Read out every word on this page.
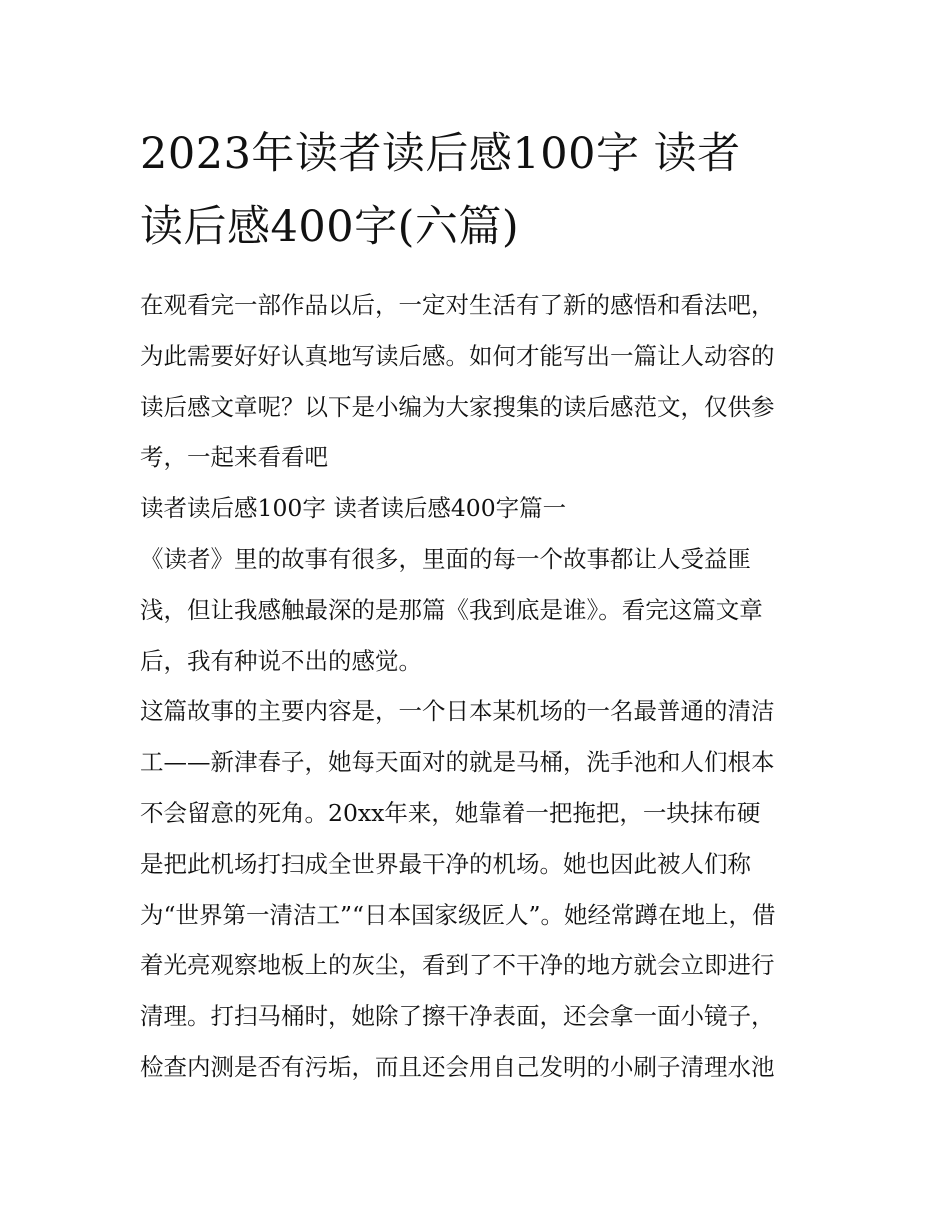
2023年读者读后感100字 读者
读后感400字(六篇)
在观看完一部作品以后，一定对生活有了新的感悟和看法吧，
为此需要好好认真地写读后感。如何才能写出一篇让人动容的
读后感文章呢？以下是小编为大家搜集的读后感范文，仅供参
考，一起来看看吧
读者读后感100字 读者读后感400字篇一
《读者》里的故事有很多，里面的每一个故事都让人受益匪
浅，但让我感触最深的是那篇《我到底是谁》。看完这篇文章
后，我有种说不出的感觉。
这篇故事的主要内容是，一个日本某机场的一名最普通的清洁
工——新津春子，她每天面对的就是马桶，洗手池和人们根本
不会留意的死角。20xx年来，她靠着一把拖把，一块抹布硬
是把此机场打扫成全世界最干净的机场。她也因此被人们称
为“世界第一清洁工”“日本国家级匠人”。她经常蹲在地上，借
着光亮观察地板上的灰尘，看到了不干净的地方就会立即进行
清理。打扫马桶时，她除了擦干净表面，还会拿一面小镜子，
检查内测是否有污垢，而且还会用自己发明的小刷子清理水池
